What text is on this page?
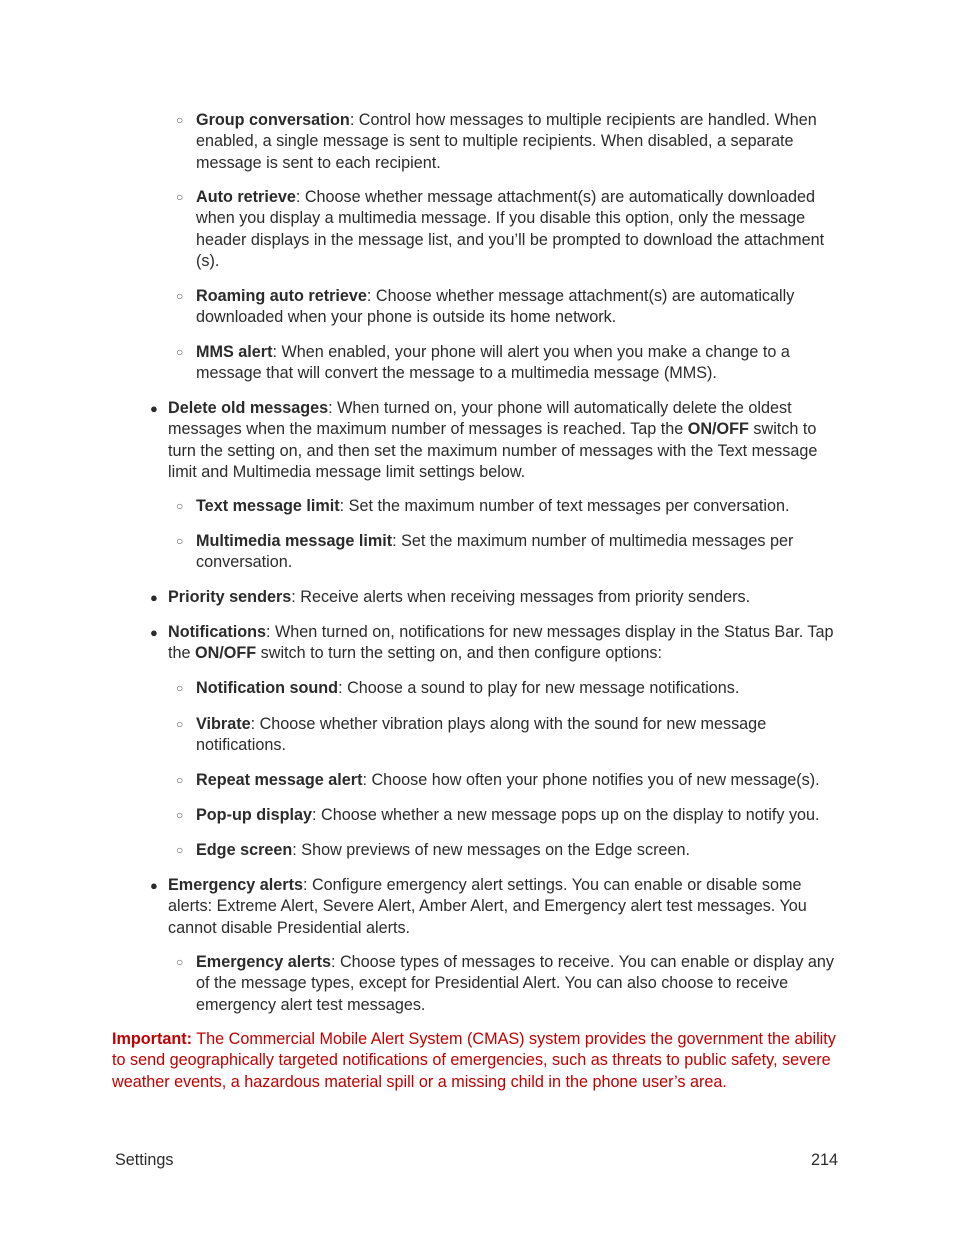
○ Group conversation: Control how messages to multiple recipients are handled. When enabled, a single message is sent to multiple recipients. When disabled, a separate message is sent to each recipient.
○ Auto retrieve: Choose whether message attachment(s) are automatically downloaded when you display a multimedia message. If you disable this option, only the message header displays in the message list, and you’ll be prompted to download the attachment (s).
○ Roaming auto retrieve: Choose whether message attachment(s) are automatically downloaded when your phone is outside its home network.
○ MMS alert: When enabled, your phone will alert you when you make a change to a message that will convert the message to a multimedia message (MMS).
● Delete old messages: When turned on, your phone will automatically delete the oldest messages when the maximum number of messages is reached. Tap the ON/OFF switch to turn the setting on, and then set the maximum number of messages with the Text message limit and Multimedia message limit settings below.
○ Text message limit: Set the maximum number of text messages per conversation.
○ Multimedia message limit: Set the maximum number of multimedia messages per conversation.
● Priority senders: Receive alerts when receiving messages from priority senders.
● Notifications: When turned on, notifications for new messages display in the Status Bar. Tap the ON/OFF switch to turn the setting on, and then configure options:
○ Notification sound: Choose a sound to play for new message notifications.
○ Vibrate: Choose whether vibration plays along with the sound for new message notifications.
○ Repeat message alert: Choose how often your phone notifies you of new message(s).
○ Pop-up display: Choose whether a new message pops up on the display to notify you.
○ Edge screen: Show previews of new messages on the Edge screen.
● Emergency alerts: Configure emergency alert settings. You can enable or disable some alerts: Extreme Alert, Severe Alert, Amber Alert, and Emergency alert test messages. You cannot disable Presidential alerts.
○ Emergency alerts: Choose types of messages to receive. You can enable or display any of the message types, except for Presidential Alert. You can also choose to receive emergency alert test messages.
Important: The Commercial Mobile Alert System (CMAS) system provides the government the ability to send geographically targeted notifications of emergencies, such as threats to public safety, severe weather events, a hazardous material spill or a missing child in the phone user’s area.
Settings	214
